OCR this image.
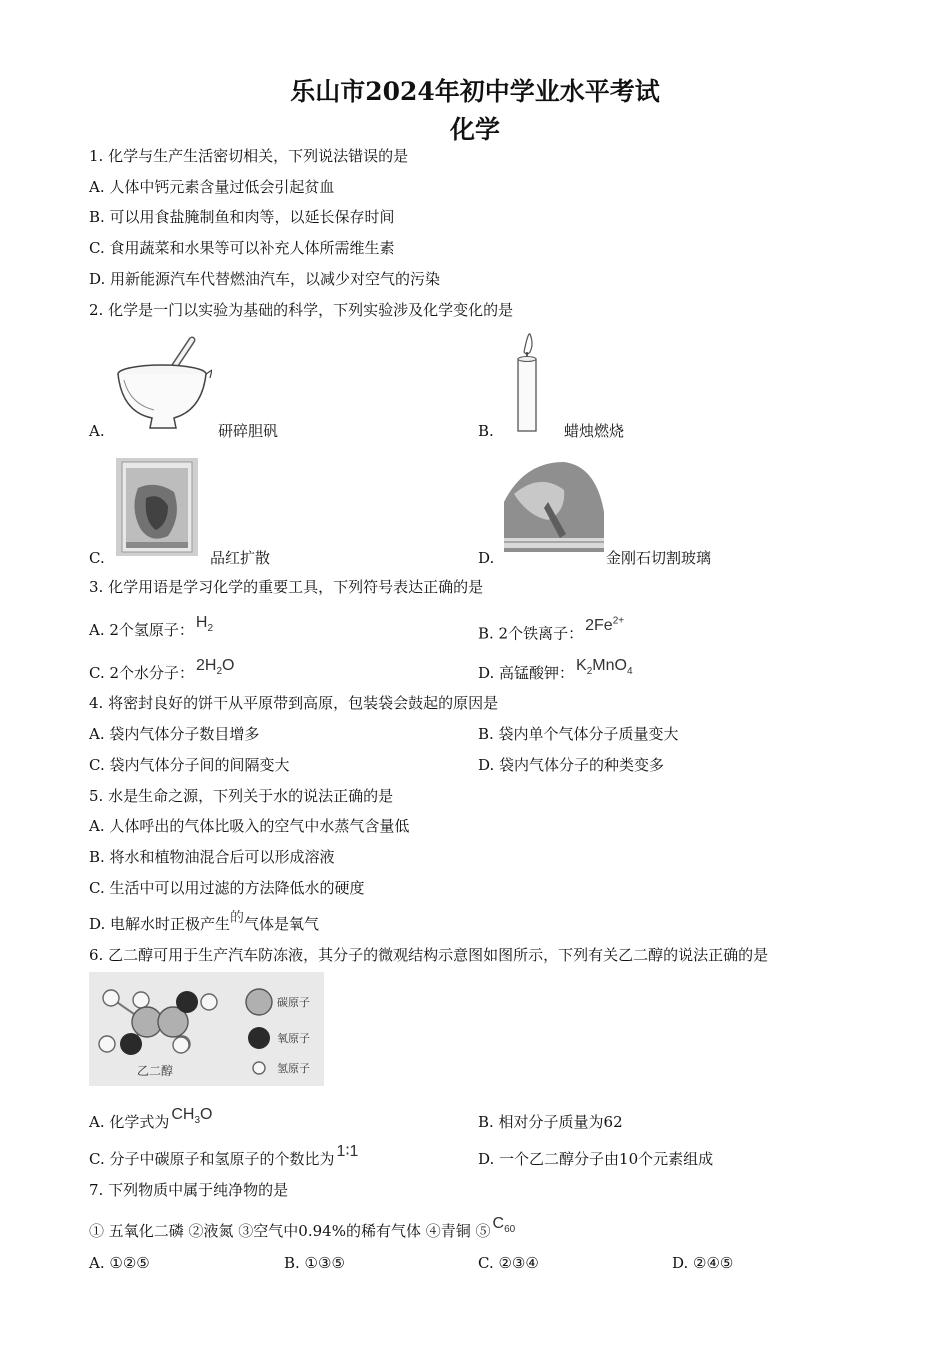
乐山市2024年初中学业水平考试
化学
1. 化学与生产生活密切相关，下列说法错误的是
A. 人体中钙元素含量过低会引起贫血
B. 可以用食盐腌制鱼和肉等，以延长保存时间
C. 食用蔬菜和水果等可以补充人体所需维生素
D. 用新能源汽车代替燃油汽车，以减少对空气的污染
2. 化学是一门以实验为基础的科学，下列实验涉及化学变化的是
A.	研碎胆矾	B.	蜡烛燃烧
C.	品红扩散	D.	金刚石切割玻璃
3. 化学用语是学习化学的重要工具，下列符号表达正确的是
A. 2个氢原子： $H_2$	B. 2个铁离子： $2Fe^{2+}$
C. 2个水分子： $2H_2O$	D. 高锰酸钾： $K_2MnO_4$
4. 将密封良好的饼干从平原带到高原，包装袋会鼓起的原因是
A. 袋内气体分子数目增多	B. 袋内单个气体分子质量变大
C. 袋内气体分子间的间隔变大	D. 袋内气体分子的种类变多
5. 水是生命之源，下列关于水的说法正确的是
A. 人体呼出的气体比吸入的空气中水蒸气含量低
B. 将水和植物油混合后可以形成溶液
C. 生活中可以用过滤的方法降低水的硬度
D. 电解水时正极产生的气体是氧气
6. 乙二醇可用于生产汽车防冻液，其分子的微观结构示意图如图所示，下列有关乙二醇的说法正确的是
碳原子
氧原子
氢原子
乙二醇
A. 化学式为 $CH_3O$	B. 相对分子质量为62
C. 分子中碳原子和氢原子的个数比为 1∶1	D. 一个乙二醇分子由10个元素组成
7. 下列物质中属于纯净物的是
① 五氧化二磷 ②液氮 ③空气中0.94%的稀有气体 ④青铜 ⑤ $C_{60}$
A. ①②⑤	B. ①③⑤	C. ②③④	D. ②④⑤
